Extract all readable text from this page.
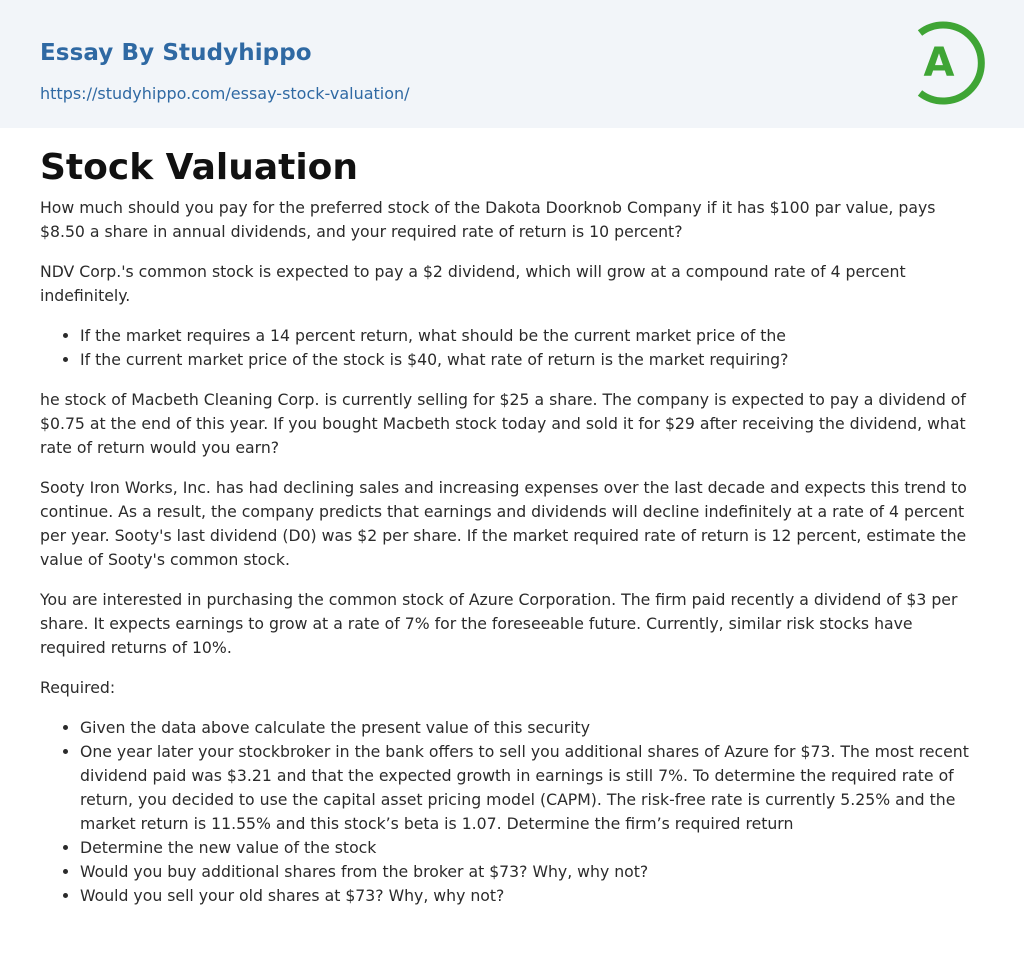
Essay By Studyhippo
https://studyhippo.com/essay-stock-valuation/
A
Stock Valuation

How much should you pay for the preferred stock of the Dakota Doorknob Company if it has $100 par value, pays $8.50 a share in annual dividends, and your required rate of return is 10 percent?

NDV Corp.'s common stock is expected to pay a $2 dividend, which will grow at a compound rate of 4 percent indefinitely.

• If the market requires a 14 percent return, what should be the current market price of the
• If the current market price of the stock is $40, what rate of return is the market requiring?

he stock of Macbeth Cleaning Corp. is currently selling for $25 a share. The company is expected to pay a dividend of $0.75 at the end of this year. If you bought Macbeth stock today and sold it for $29 after receiving the dividend, what rate of return would you earn?

Sooty Iron Works, Inc. has had declining sales and increasing expenses over the last decade and expects this trend to continue. As a result, the company predicts that earnings and dividends will decline indefinitely at a rate of 4 percent per year. Sooty's last dividend (D0) was $2 per share. If the market required rate of return is 12 percent, estimate the value of Sooty's common stock.

You are interested in purchasing the common stock of Azure Corporation. The firm paid recently a dividend of $3 per share. It expects earnings to grow at a rate of 7% for the foreseeable future. Currently, similar risk stocks have required returns of 10%.

Required:

• Given the data above calculate the present value of this security
• One year later your stockbroker in the bank offers to sell you additional shares of Azure for $73. The most recent dividend paid was $3.21 and that the expected growth in earnings is still 7%. To determine the required rate of return, you decided to use the capital asset pricing model (CAPM). The risk-free rate is currently 5.25% and the market return is 11.55% and this stock’s beta is 1.07. Determine the firm’s required return
• Determine the new value of the stock
• Would you buy additional shares from the broker at $73? Why, why not?
• Would you sell your old shares at $73? Why, why not?
